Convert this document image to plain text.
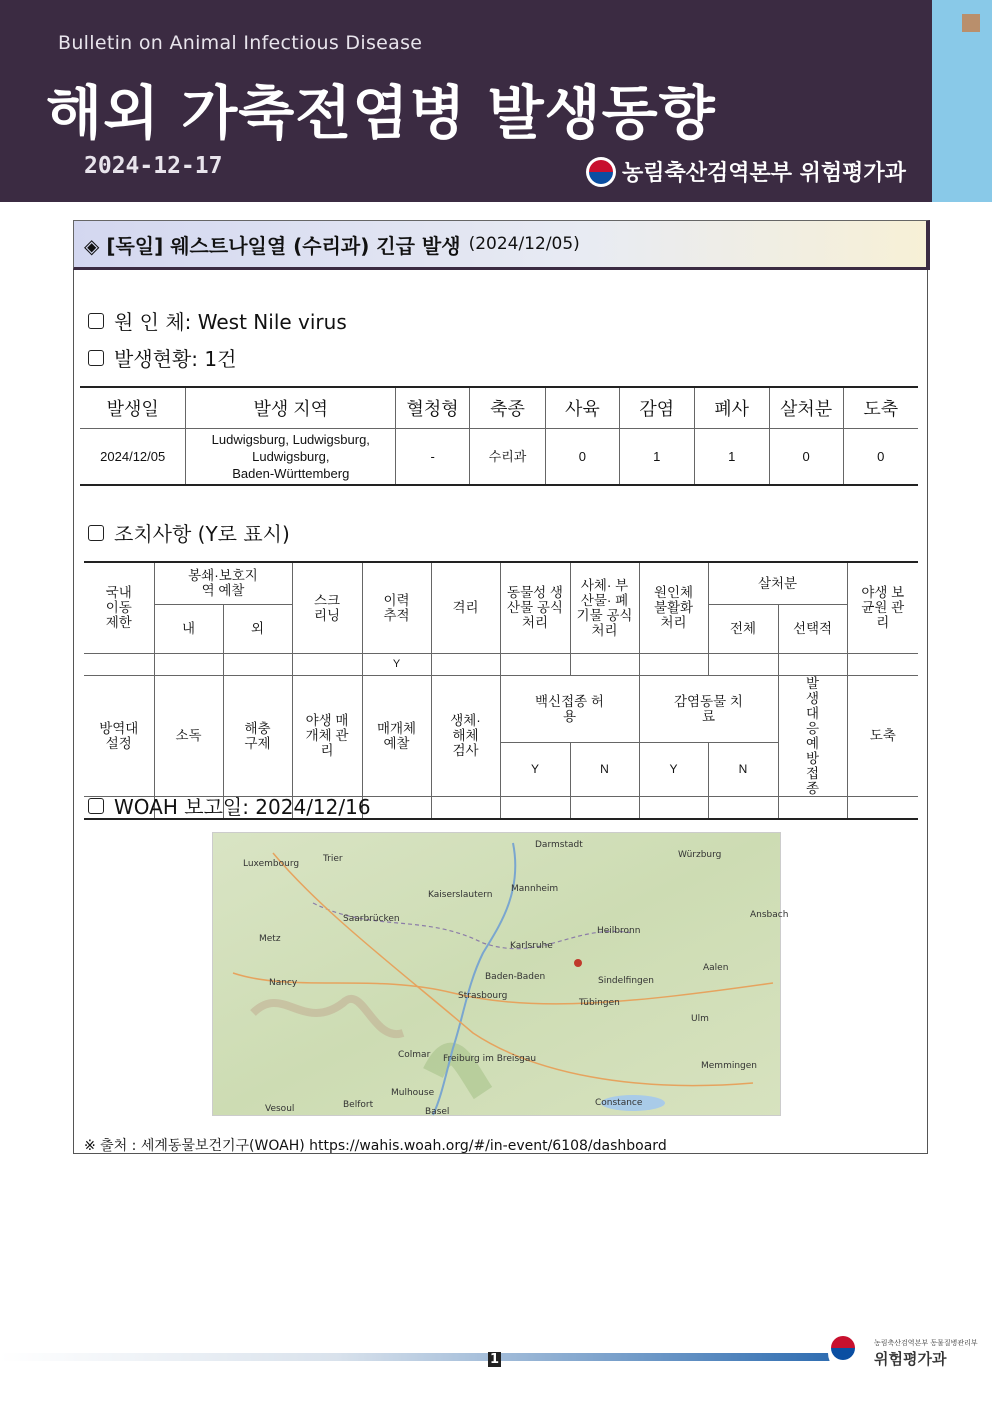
Bulletin on Animal Infectious Disease
해외 가축전염병 발생동향
2024-12-17	농림축산검역본부 위험평가과
◈ [독일] 웨스트나일열 (수리과) 긴급 발생 (2024/12/05)
원 인 체: West Nile virus
발생현황: 1건
발생일	발생 지역	혈청형	축종	사육	감염	폐사	살처분	도축
2024/12/05	Ludwigsburg, Ludwigsburg,
Ludwigsburg,
Baden-Württemberg	-	수리과	0	1	1	0	0
조치사항 (Y로 표시)
국내 이동 제한	봉쇄·보호지역 예찰		스크 리닝	이력 추적	격리	동물성 생산물 공식 처리	사체· 부산물· 폐기물 공식 처리	원인체 불활화 처리	살처분		야생 보균원 관리
	내	외							전체	선택적	
				Y							
방역대 설정	소독	해충 구제	야생 매개체 관리	매개체 예찰	생체· 해체 검사	백신접종 허용		감염동물 치료		발생 대응 예방 접종	도축
						Y	N	Y	N		

WOAH 보고일: 2024/12/16
Luxembourg	Trier
Kaiserslautern
Mannheim
Darmstadt
Würzburg
Saarbrücken
Heilbronn
Karlsruhe
Metz
Nancy
Strasbourg
Baden-Baden	Sindelfingen
Tübingen
Aalen
Ulm
Colmar Freiburg im Breisgau
Mulhouse
Basel
Constance
Memmingen
Ansbach
Vesoul	Belfort
※ 출처 : 세계동물보건기구(WOAH) https://wahis.woah.org/#/in-event/6108/dashboard
1
농림축산검역본부 동물질병관리부
위험평가과
